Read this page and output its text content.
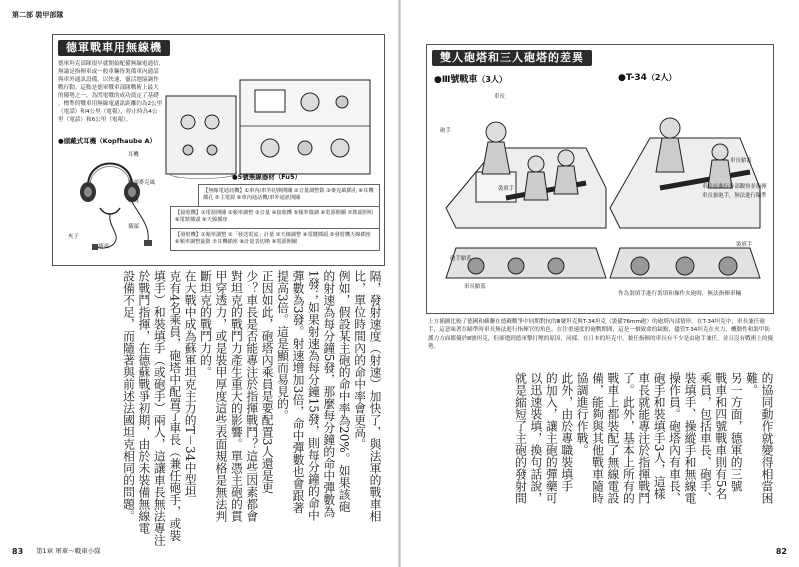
第二部 裝甲部隊
德軍戰車用無線機
德軍坦克部隊很早就開始配備無線電通信，
無論是指揮車或一般車輛皆裝備車內通話
與車外通訊設備，以快速、靈活地協調作
戰行動。這點是德軍戰車部隊戰術上最大
的優勢之一，為閃電戰的成功奠定了基礎
。標準的戰車用無線電通訊距離約為2公里
（電話）和4公里（電報），停止時為4公
里（電話）和6公里（電報）。
●頭戴式耳機（Kopfhaube A）
耳機
喉頭麥克風
頭戴
插頭
夾子
插頭
●5號無線器材（Fu5）
【無線電通訊機】①車內/車外切換開關 ②音量調整鈕 ③麥克風插孔 ④耳機插孔 ⑤主電源 ⑥車內通話機/車外通訊開關
【接收機】①電源開關 ②頻率調整 ③音量 ④接收機 ⑤頻率微調 ⑥電源開關 ⑦錶頭照明 ⑧電錶插頭 ⑨天線插座
【發射機】①頻率調整 ②「發送電流」計量 ③天線調整 ④電鍵插頭 ⑤發射機天線插座 ⑥頻率調整旋鈕 ⑦耳機插座 ⑧計量表切換 ⑨電源開關
隔，發射速度（射速）加快了，與法軍的戰車相
比，單位時間內的命中率會更高。
例如，假設某主砲的命中率為20%。如果該砲
的射速為每分鐘5發，那麼每分鐘的命中彈數為
1發；如果射速為每分鐘15發，則每分鐘的命中
彈數為3發。射速增加3倍，命中彈數也會跟著
提高3倍。這是顯而易見的。
正因如此，砲塔內乘員是要配置3人還是更
少？車長是否能專注於指揮戰鬥？這些因素都會
對坦克的戰鬥力產生重大的影響。單憑主砲的貫
甲穿透力，或是裝甲厚度這些表面規格是無法判
斷坦克的戰鬥力的。
在大戰中成為蘇軍坦克主力的T－34中型坦
克有4名乘員，砲塔中配置了車長（兼任砲手，或裝
填手）和裝填手（或砲手）兩人，這讓車長無法專注
於戰鬥指揮，在德蘇戰爭初期，由於未裝備無線電
設備不足，而隨著與前述法國坦克相同的問題。
83 第1章 軍車～戰車小隊
雙人砲塔和三人砲塔的差異
●Ⅲ號戰車（3人）	●T-34（2人）
車長
砲手
裝填手
砲手艙蓋
車長艙蓋
車長艙蓋
車長在進行外部觀察並指揮
車長兼砲手，無法進行瞄準
裝填手
作為裝填手進行裝填和操作火砲時，無法指揮車輛
上方插圖比較了德國和蘇聯在德蘇戰爭中同期對抗的Ⅲ號坦克與T-34坦克（裝備76mm砲）的砲塔內部情形。在T-34坦克中，車長兼任砲手，這意味著在瞄準時車長無法進行指揮官的角色，在注重速度的砲戰期間，這是一個致命的缺點，儘管T-34坦克在火力、機動性和裝甲防護力方面都優於Ⅲ號坦克，但卻遭到德軍擊打壓的原因，同樣，在日本的坦克中，兼任指揮的車長有不少是由砲手兼任，並且沒有戰術上的優勢。
的協同動作就變得相當困
難。
另一方面，德軍的三號
戰車和四號戰車則有5名
乘員，包括車長、砲手、
裝填手、操縱手和無線電
操作員。砲塔內有車長、
砲手和裝填手3人，這樣
車長就能專注於指揮戰鬥
了。此外，基本上所有的
戰車上都裝配了無線電設
備，能夠與其他戰車隨時
協調進行作戰。
此外，由於專職裝填手
的加入，讓主砲的彈藥可
以迅速裝填，換句話說，
就是縮短了主砲的發射間
82
